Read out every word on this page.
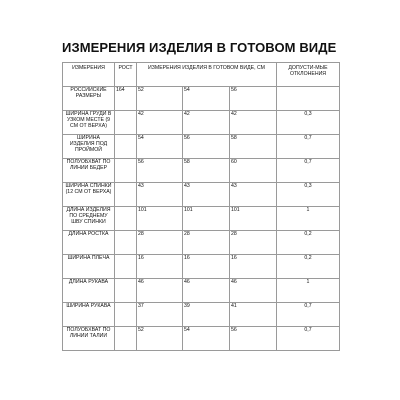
ИЗМЕРЕНИЯ ИЗДЕЛИЯ В ГОТОВОМ ВИДЕ
ИЗМЕРЕНИЯ	РОСТ	ИЗМЕРЕНИЯ ИЗДЕЛИЯ В ГОТОВОМ ВИДЕ, СМ			ДОПУСТИ-МЫЕ ОТКЛОНЕНИЯ
РОССИЙСКИЕ РАЗМЕРЫ	164	52	54	56	
ШИРИНА ГРУДИ В УЗКОМ МЕСТЕ (9 СМ ОТ ВЕРХА)		42	42	42	0,3
ШИРИНА ИЗДЕЛИЯ ПОД ПРОЙМОЙ		54	56	58	0,7
ПОЛУОБХВАТ ПО ЛИНИИ БЕДЕР		56	58	60	0,7
ШИРИНА СПИНКИ (12 СМ ОТ ВЕРХА)		43	43	43	0,3
ДЛИНА ИЗДЕЛИЯ ПО СРЕДНЕМУ ШВУ СПИНКИ		101	101	101	1
ДЛИНА РОСТКА		28	28	28	0,2
ШИРИНА ПЛЕЧА		16	16	16	0,2
ДЛИНА РУКАВА		46	46	46	1
ШИРИНА РУКАВА		37	39	41	0,7
ПОЛУОБХВАТ ПО ЛИНИИ ТАЛИИ		52	54	56	0,7
